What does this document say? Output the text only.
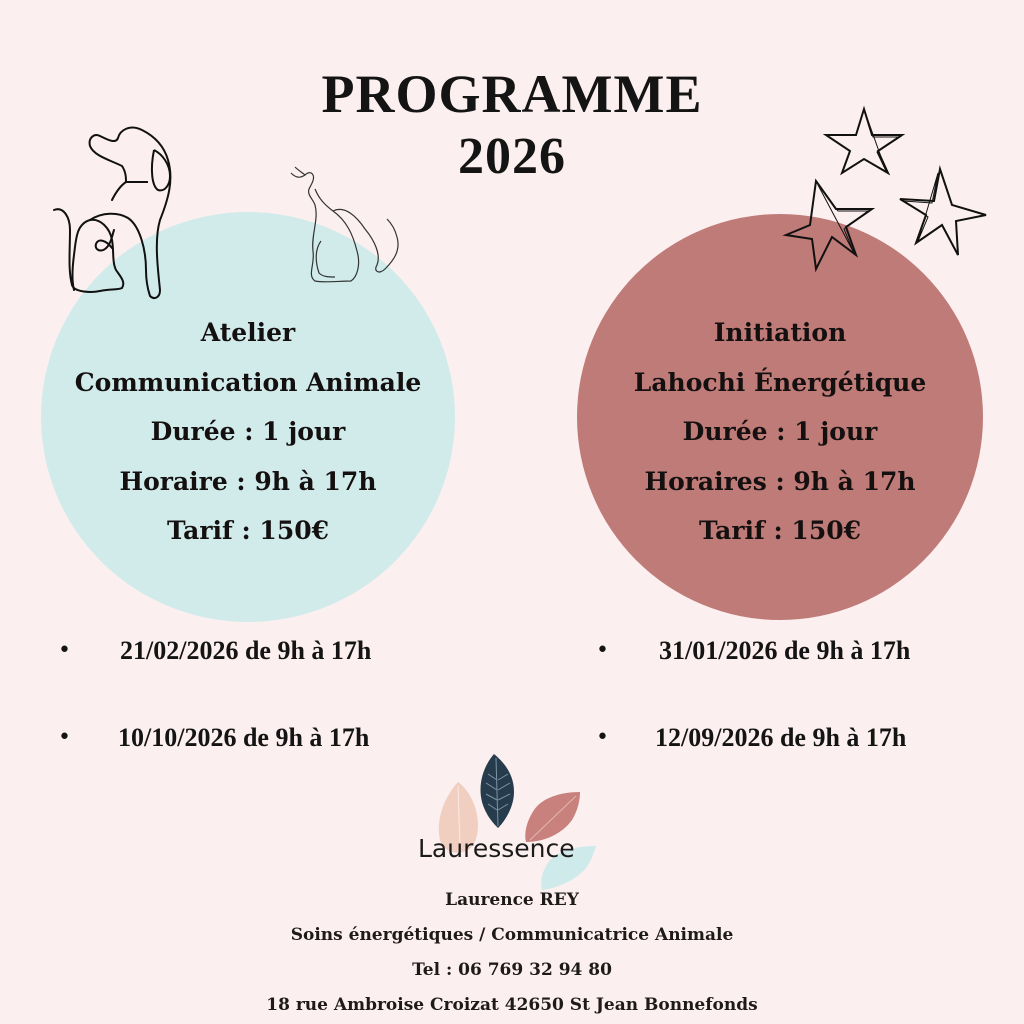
PROGRAMME
2026
Atelier
Communication Animale
Durée : 1 jour
Horaire : 9h à 17h
Tarif : 150€
Initiation
Lahochi Énergétique
Durée : 1 jour
Horaires : 9h à 17h
Tarif : 150€
• 21/02/2026 de 9h à 17h
• 10/10/2026 de 9h à 17h
• 31/01/2026 de 9h à 17h
• 12/09/2026 de 9h à 17h
Lauressence
Laurence REY
Soins énergétiques / Communicatrice Animale
Tel : 06 769 32 94 80
18 rue Ambroise Croizat 42650 St Jean Bonnefonds
